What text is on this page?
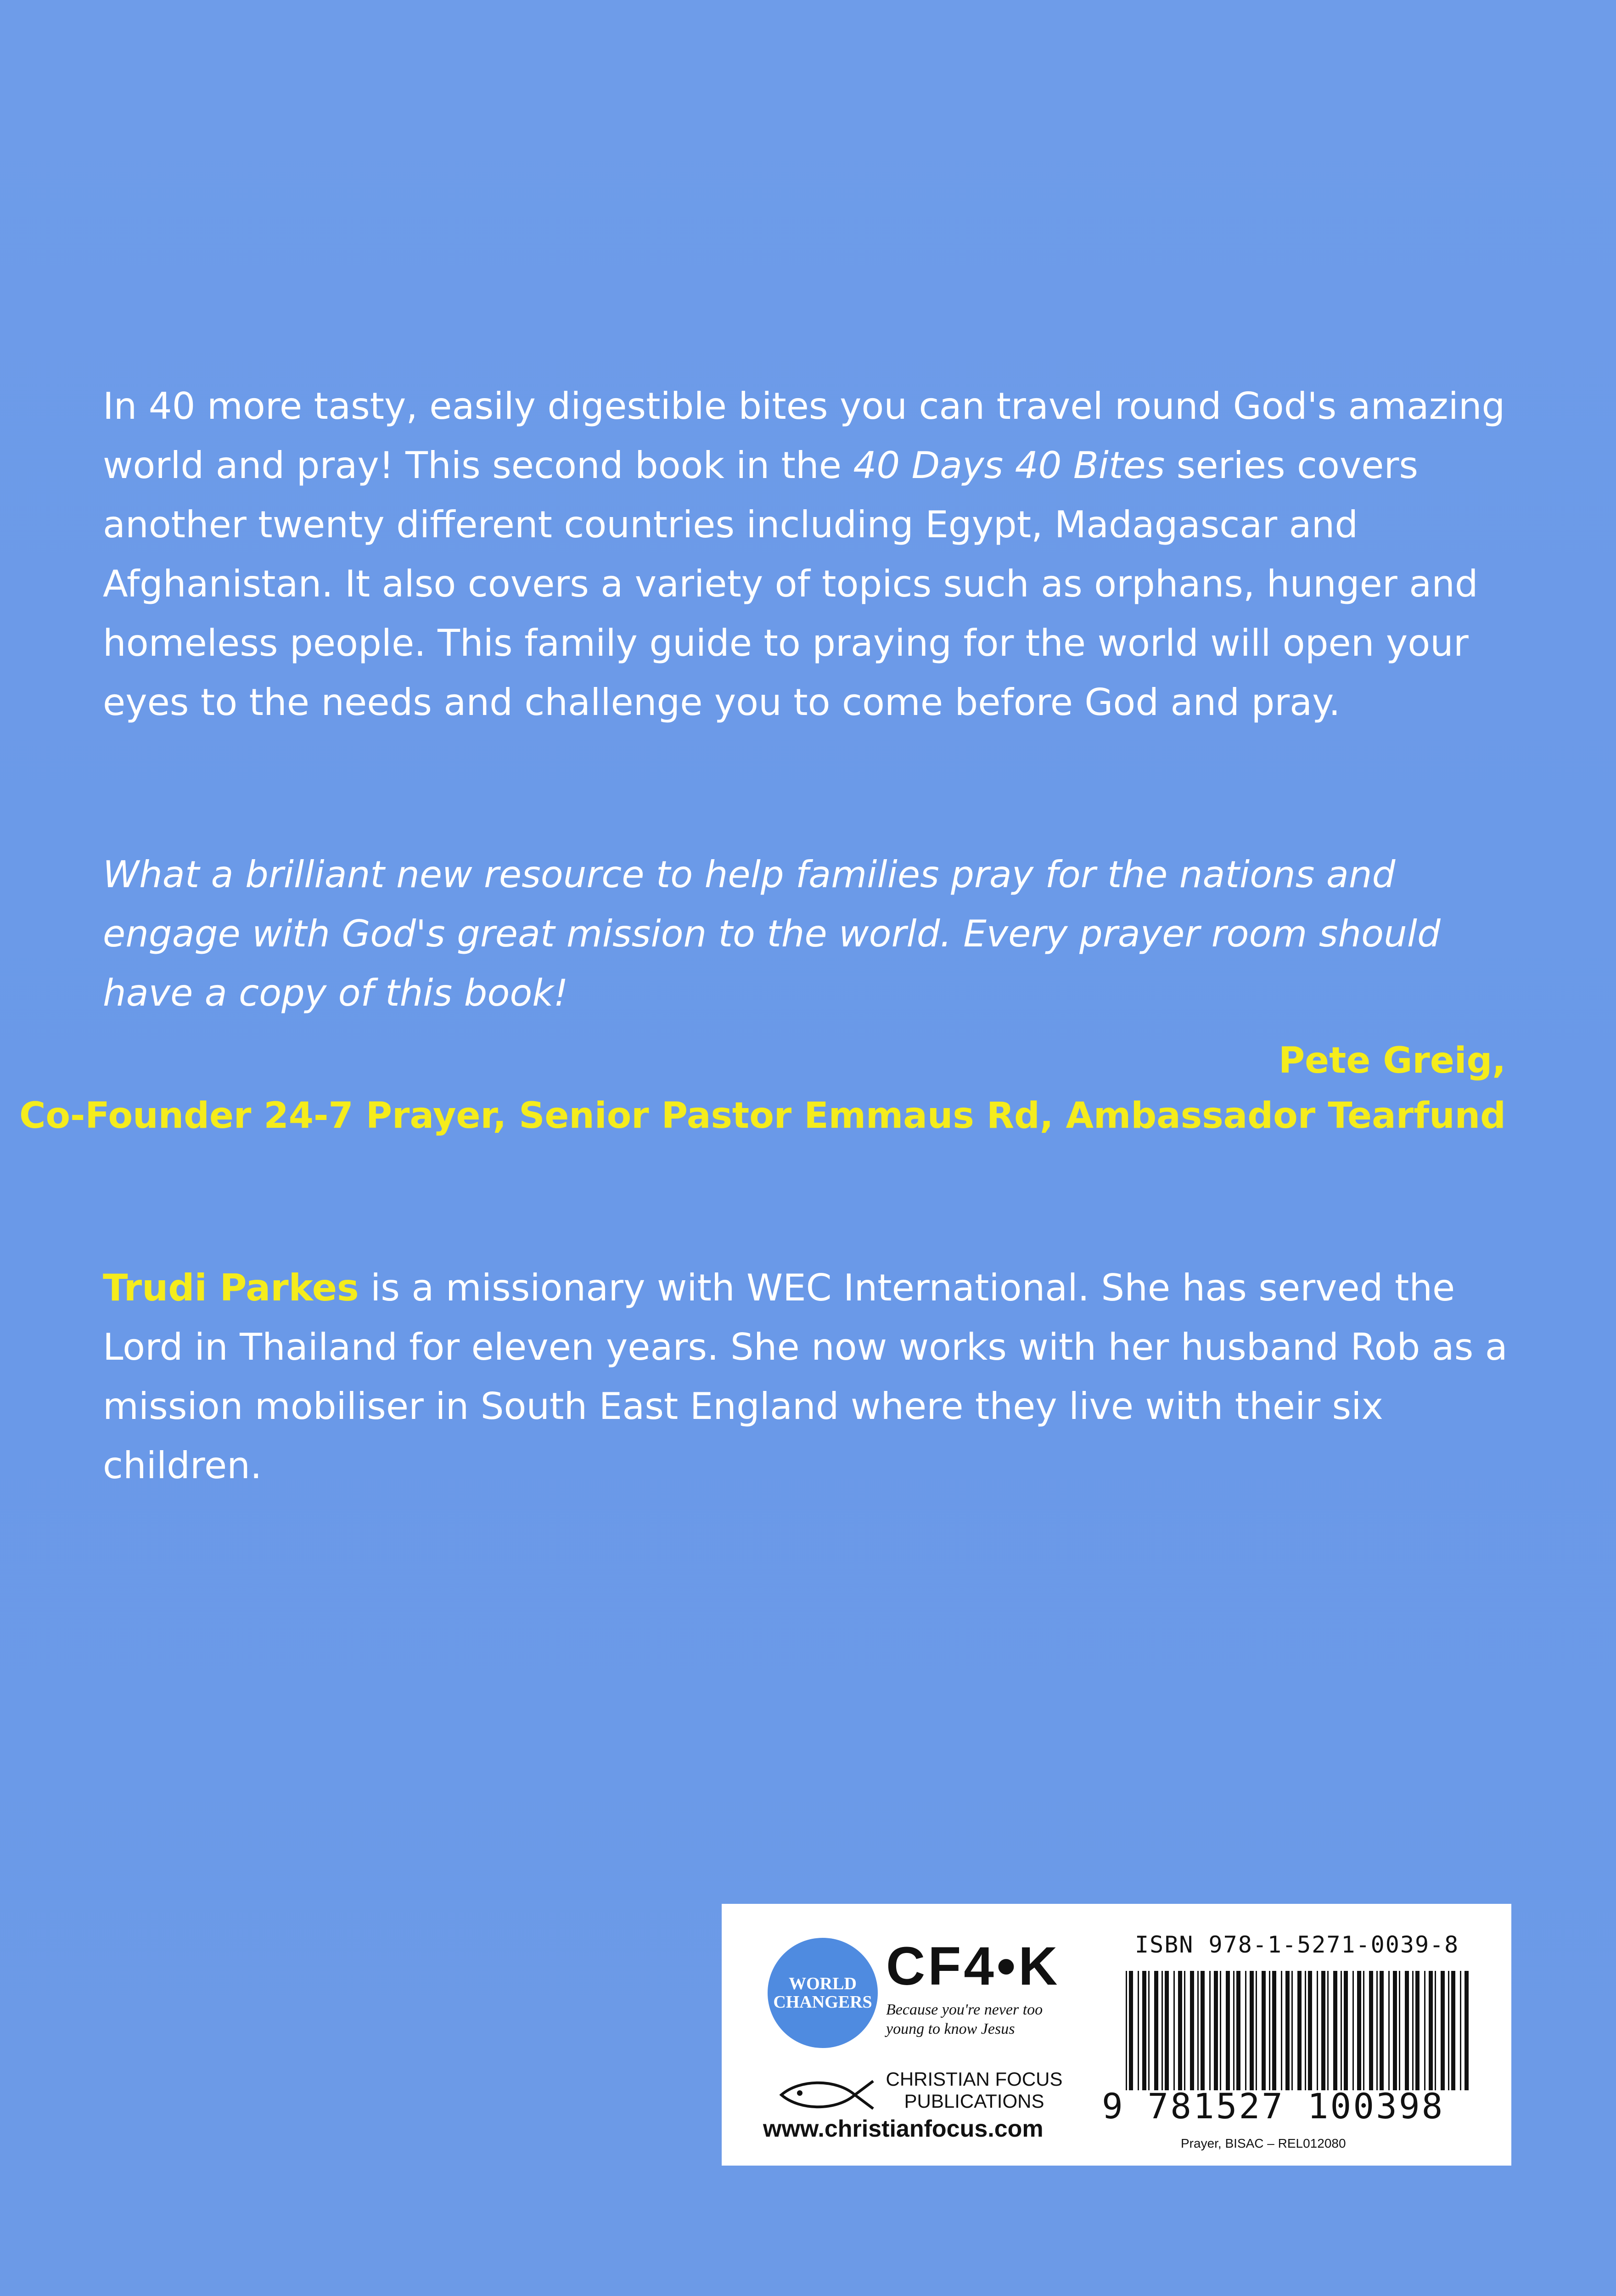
In 40 more tasty, easily digestible bites you can travel round God's amazing world and pray! This second book in the 40 Days 40 Bites series covers another twenty different countries including Egypt, Madagascar and Afghanistan. It also covers a variety of topics such as orphans, hunger and homeless people. This family guide to praying for the world will open your eyes to the needs and challenge you to come before God and pray.

What a brilliant new resource to help families pray for the nations and engage with God's great mission to the world. Every prayer room should have a copy of this book!

Pete Greig,
Co-Founder 24-7 Prayer, Senior Pastor Emmaus Rd, Ambassador Tearfund

Trudi Parkes is a missionary with WEC International. She has served the Lord in Thailand for eleven years. She now works with her husband Rob as a mission mobiliser in South East England where they live with their six children.

WORLD
CHANGERS
CF4•K
Because you're never too young to know Jesus
CHRISTIAN FOCUS PUBLICATIONS
www.christianfocus.com
ISBN 978-1-5271-0039-8
9 781527 100398
Prayer, BISAC – REL012080
